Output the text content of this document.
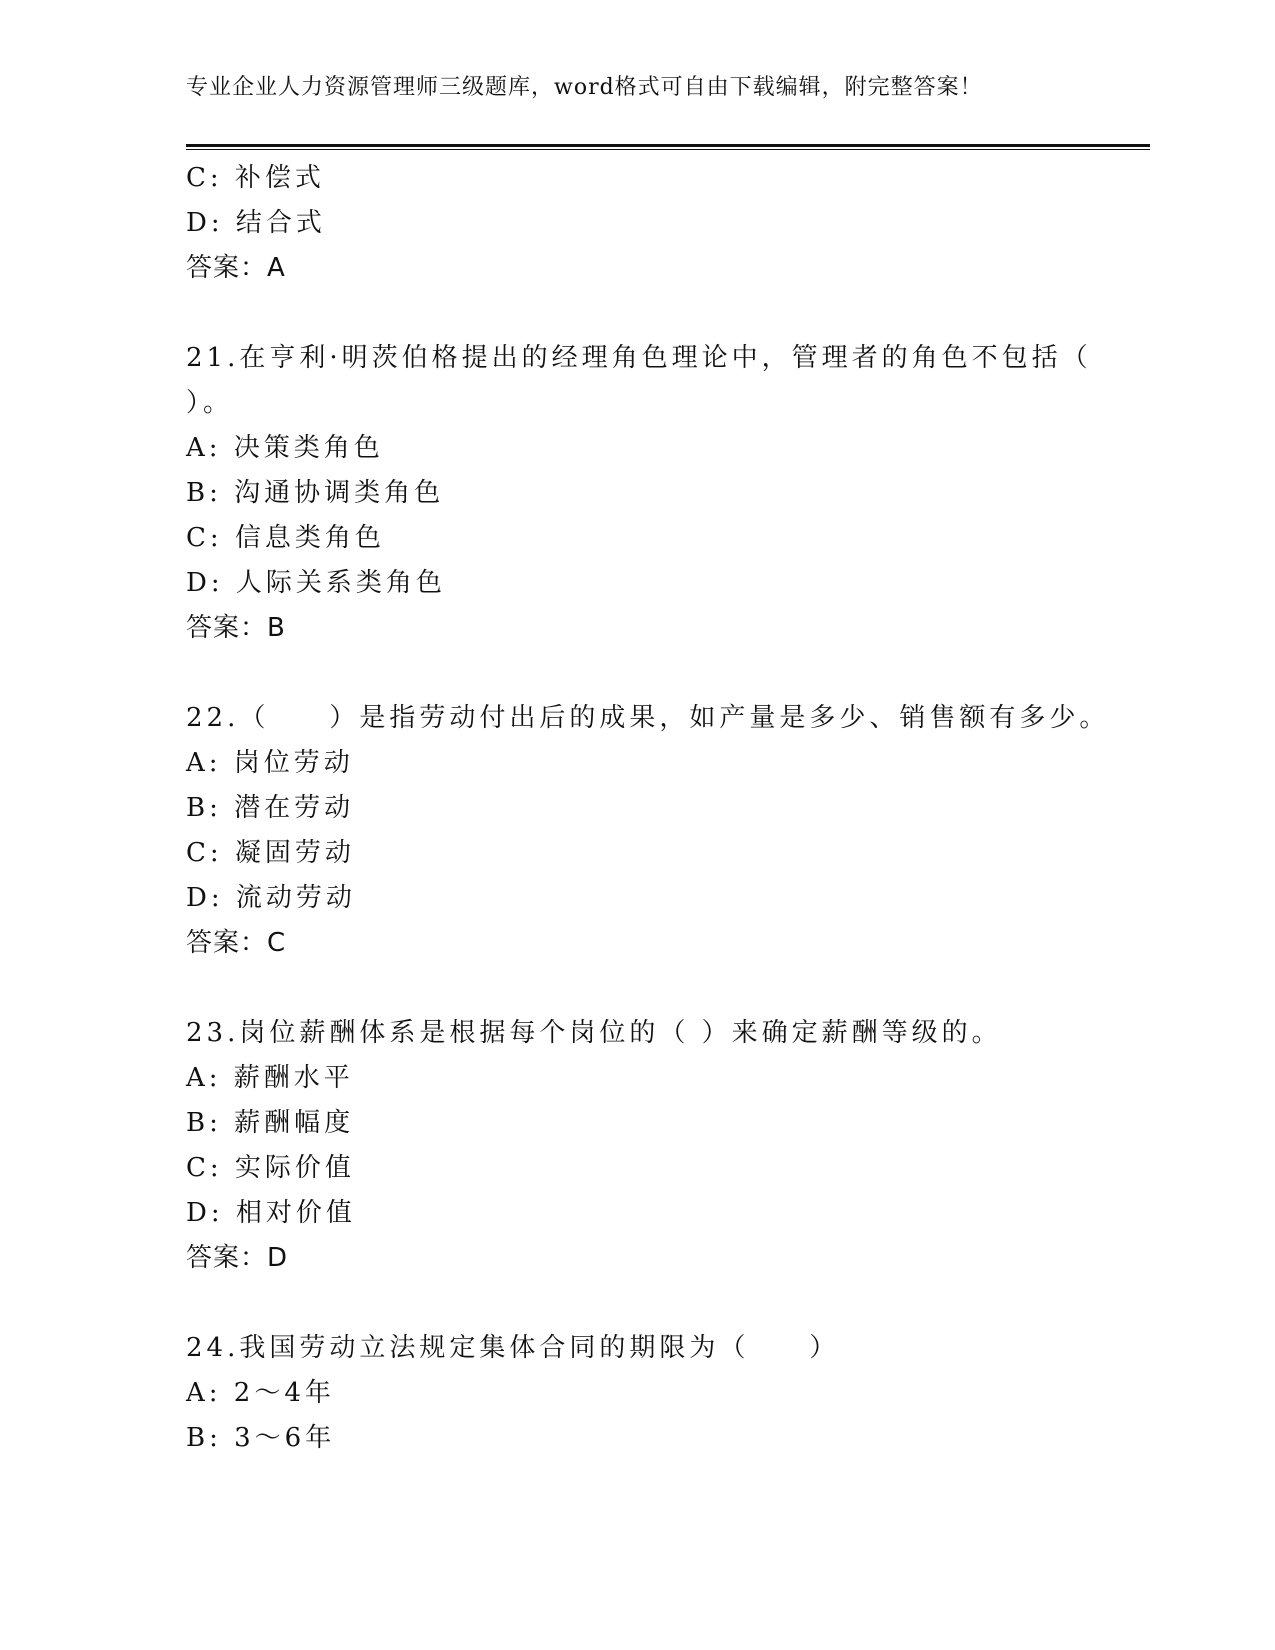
专业企业人力资源管理师三级题库，word格式可自由下载编辑，附完整答案！
C: 补偿式
D: 结合式
答案：A
21.在亨利·明茨伯格提出的经理角色理论中，管理者的角色不包括（
）。
A: 决策类角色
B: 沟通协调类角色
C: 信息类角色
D: 人际关系类角色
答案：B
22.（　　）是指劳动付出后的成果，如产量是多少、销售额有多少。
A: 岗位劳动
B: 潜在劳动
C: 凝固劳动
D: 流动劳动
答案：C
23.岗位薪酬体系是根据每个岗位的（ ）来确定薪酬等级的。
A: 薪酬水平
B: 薪酬幅度
C: 实际价值
D: 相对价值
答案：D
24.我国劳动立法规定集体合同的期限为（　　）
A: 2～4年
B: 3～6年
